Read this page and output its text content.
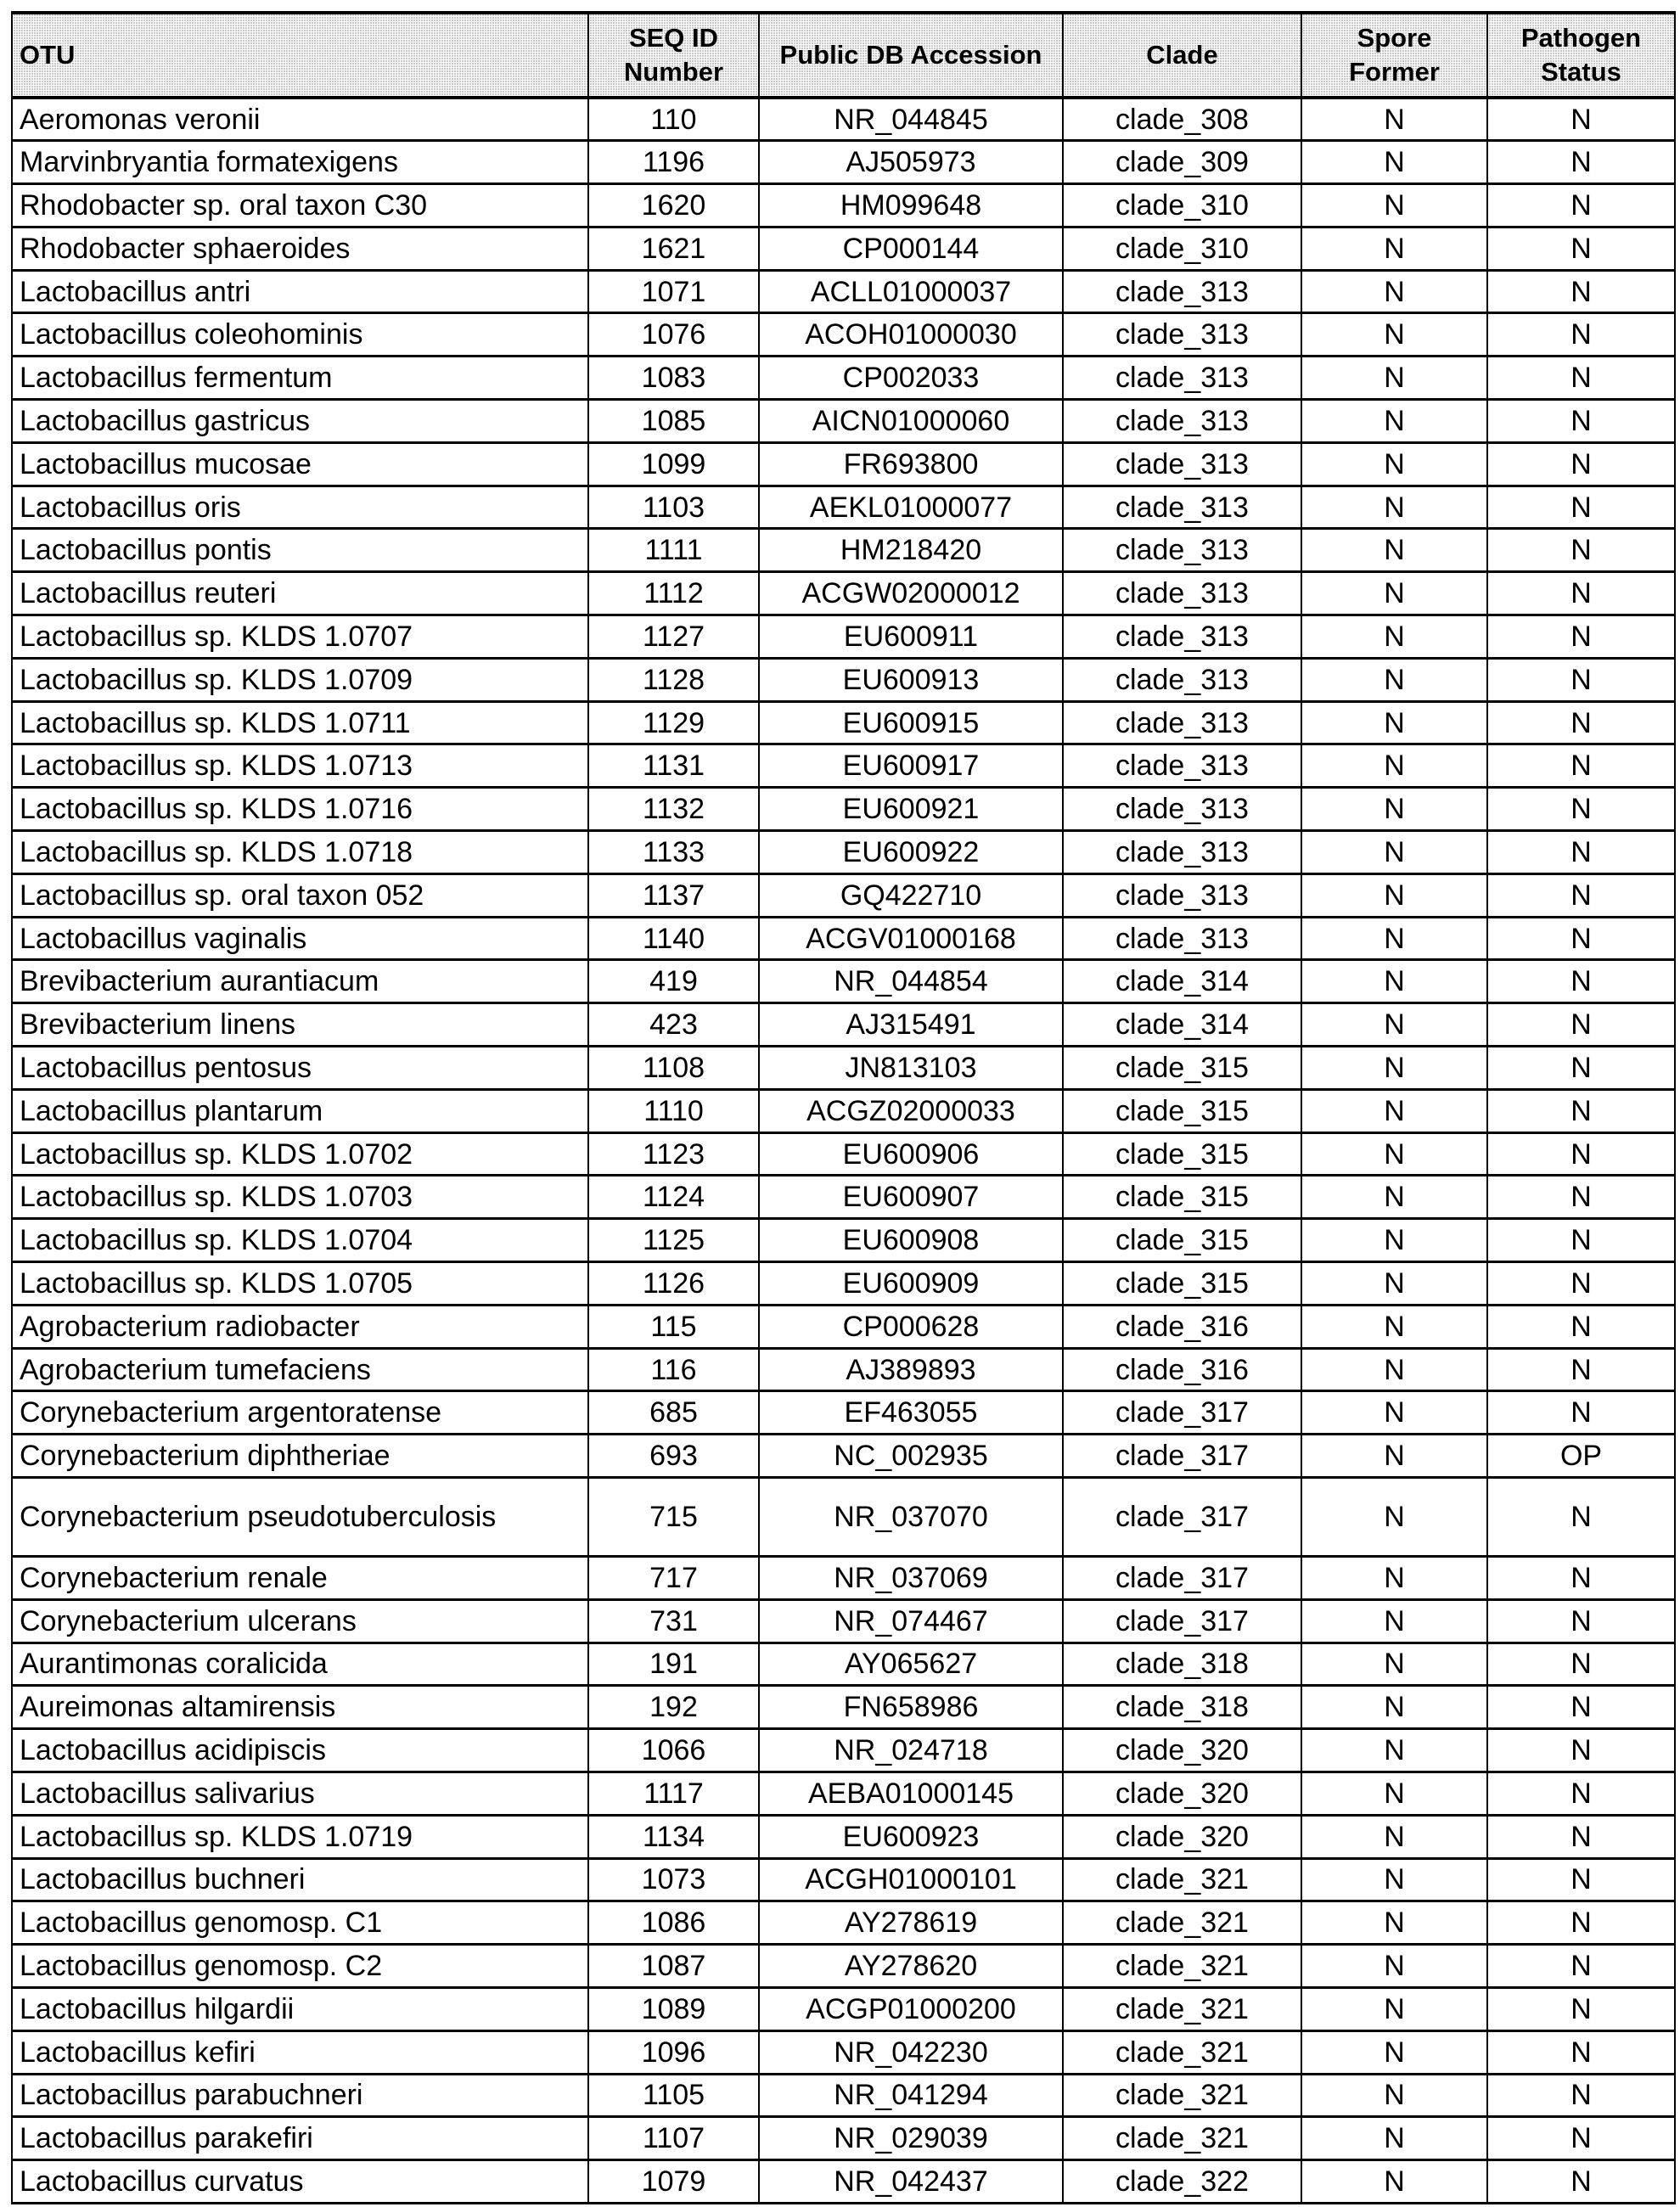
OTU	SEQ ID Number	Public DB Accession	Clade	Spore Former	Pathogen Status
Aeromonas veronii	110	NR_044845	clade_308	N	N
Marvinbryantia formatexigens	1196	AJ505973	clade_309	N	N
Rhodobacter sp. oral taxon C30	1620	HM099648	clade_310	N	N
Rhodobacter sphaeroides	1621	CP000144	clade_310	N	N
Lactobacillus antri	1071	ACLL01000037	clade_313	N	N
Lactobacillus coleohominis	1076	ACOH01000030	clade_313	N	N
Lactobacillus fermentum	1083	CP002033	clade_313	N	N
Lactobacillus gastricus	1085	AICN01000060	clade_313	N	N
Lactobacillus mucosae	1099	FR693800	clade_313	N	N
Lactobacillus oris	1103	AEKL01000077	clade_313	N	N
Lactobacillus pontis	1111	HM218420	clade_313	N	N
Lactobacillus reuteri	1112	ACGW02000012	clade_313	N	N
Lactobacillus sp. KLDS 1.0707	1127	EU600911	clade_313	N	N
Lactobacillus sp. KLDS 1.0709	1128	EU600913	clade_313	N	N
Lactobacillus sp. KLDS 1.0711	1129	EU600915	clade_313	N	N
Lactobacillus sp. KLDS 1.0713	1131	EU600917	clade_313	N	N
Lactobacillus sp. KLDS 1.0716	1132	EU600921	clade_313	N	N
Lactobacillus sp. KLDS 1.0718	1133	EU600922	clade_313	N	N
Lactobacillus sp. oral taxon 052	1137	GQ422710	clade_313	N	N
Lactobacillus vaginalis	1140	ACGV01000168	clade_313	N	N
Brevibacterium aurantiacum	419	NR_044854	clade_314	N	N
Brevibacterium linens	423	AJ315491	clade_314	N	N
Lactobacillus pentosus	1108	JN813103	clade_315	N	N
Lactobacillus plantarum	1110	ACGZ02000033	clade_315	N	N
Lactobacillus sp. KLDS 1.0702	1123	EU600906	clade_315	N	N
Lactobacillus sp. KLDS 1.0703	1124	EU600907	clade_315	N	N
Lactobacillus sp. KLDS 1.0704	1125	EU600908	clade_315	N	N
Lactobacillus sp. KLDS 1.0705	1126	EU600909	clade_315	N	N
Agrobacterium radiobacter	115	CP000628	clade_316	N	N
Agrobacterium tumefaciens	116	AJ389893	clade_316	N	N
Corynebacterium argentoratense	685	EF463055	clade_317	N	N
Corynebacterium diphtheriae	693	NC_002935	clade_317	N	OP
Corynebacterium pseudotuberculosis	715	NR_037070	clade_317	N	N
Corynebacterium renale	717	NR_037069	clade_317	N	N
Corynebacterium ulcerans	731	NR_074467	clade_317	N	N
Aurantimonas coralicida	191	AY065627	clade_318	N	N
Aureimonas altamirensis	192	FN658986	clade_318	N	N
Lactobacillus acidipiscis	1066	NR_024718	clade_320	N	N
Lactobacillus salivarius	1117	AEBA01000145	clade_320	N	N
Lactobacillus sp. KLDS 1.0719	1134	EU600923	clade_320	N	N
Lactobacillus buchneri	1073	ACGH01000101	clade_321	N	N
Lactobacillus genomosp. C1	1086	AY278619	clade_321	N	N
Lactobacillus genomosp. C2	1087	AY278620	clade_321	N	N
Lactobacillus hilgardii	1089	ACGP01000200	clade_321	N	N
Lactobacillus kefiri	1096	NR_042230	clade_321	N	N
Lactobacillus parabuchneri	1105	NR_041294	clade_321	N	N
Lactobacillus parakefiri	1107	NR_029039	clade_321	N	N
Lactobacillus curvatus	1079	NR_042437	clade_322	N	N
